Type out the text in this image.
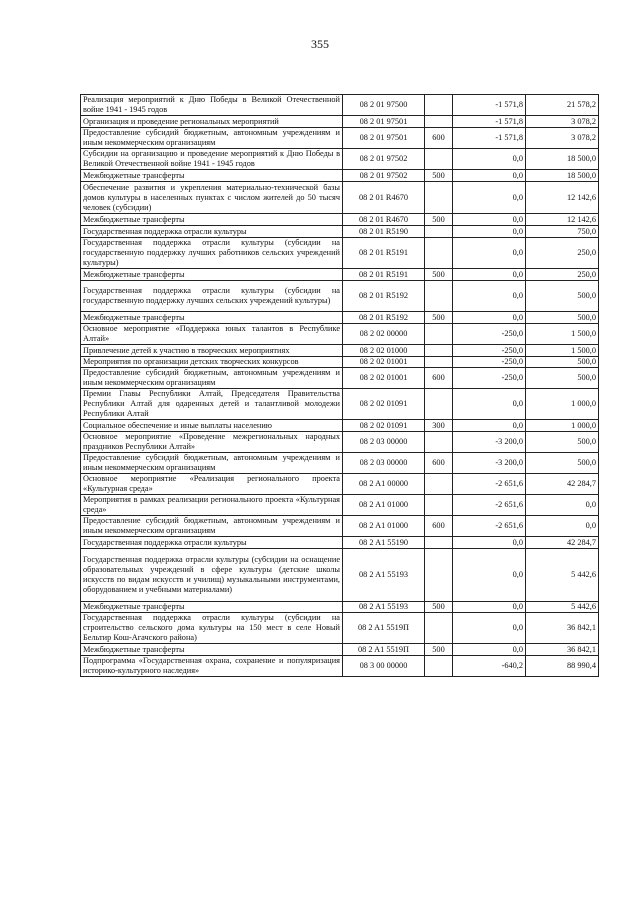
355
Реализация мероприятий к Дню Победы в Великой Отечественной войне 1941 - 1945 годов	08 2 01 97500		-1 571,8	21 578,2
Организация и проведение региональных мероприятий	08 2 01 97501		-1 571,8	3 078,2
Предоставление субсидий бюджетным, автономным учреждениям и иным некоммерческим организациям	08 2 01 97501	600	-1 571,8	3 078,2
Субсидии на организацию и проведение мероприятий к Дню Победы в Великой Отечественной войне 1941 - 1945 годов	08 2 01 97502		0,0	18 500,0
Межбюджетные трансферты	08 2 01 97502	500	0,0	18 500,0
Обеспечение развития и укрепления материально-технической базы домов культуры в населенных пунктах с числом жителей до 50 тысяч человек (субсидии)	08 2 01 R4670		0,0	12 142,6
Межбюджетные трансферты	08 2 01 R4670	500	0,0	12 142,6
Государственная поддержка отрасли культуры	08 2 01 R5190		0,0	750,0
Государственная поддержка отрасли культуры (субсидии на государственную поддержку лучших работников сельских учреждений культуры)	08 2 01 R5191		0,0	250,0
Межбюджетные трансферты	08 2 01 R5191	500	0,0	250,0
Государственная поддержка отрасли культуры (субсидии на государственную поддержку лучших сельских учреждений культуры)	08 2 01 R5192		0,0	500,0
Межбюджетные трансферты	08 2 01 R5192	500	0,0	500,0
Основное мероприятие «Поддержка юных талантов в Республике Алтай»	08 2 02 00000		-250,0	1 500,0
Привлечение детей к участию в творческих мероприятиях	08 2 02 01000		-250,0	1 500,0
Мероприятия по организации детских творческих конкурсов	08 2 02 01001		-250,0	500,0
Предоставление субсидий бюджетным, автономным учреждениям и иным некоммерческим организациям	08 2 02 01001	600	-250,0	500,0
Премии Главы Республики Алтай, Председателя Правительства Республики Алтай для одаренных детей и талантливой молодежи Республики Алтай	08 2 02 01091		0,0	1 000,0
Социальное обеспечение и иные выплаты населению	08 2 02 01091	300	0,0	1 000,0
Основное мероприятие «Проведение межрегиональных народных праздников Республики Алтай»	08 2 03 00000		-3 200,0	500,0
Предоставление субсидий бюджетным, автономным учреждениям и иным некоммерческим организациям	08 2 03 00000	600	-3 200,0	500,0
Основное мероприятие «Реализация регионального проекта «Культурная среда»	08 2 A1 00000		-2 651,6	42 284,7
Мероприятия в рамках реализации регионального проекта «Культурная среда»	08 2 A1 01000		-2 651,6	0,0
Предоставление субсидий бюджетным, автономным учреждениям и иным некоммерческим организациям	08 2 A1 01000	600	-2 651,6	0,0
Государственная поддержка отрасли культуры	08 2 A1 55190		0,0	42 284,7
Государственная поддержка отрасли культуры (субсидии на оснащение образовательных учреждений в сфере культуры (детские школы искусств по видам искусств и училищ) музыкальными инструментами, оборудованием и учебными материалами)	08 2 A1 55193		0,0	5 442,6
Межбюджетные трансферты	08 2 A1 55193	500	0,0	5 442,6
Государственная поддержка отрасли культуры (субсидии на строительство сельского дома культуры на 150 мест в селе Новый Бельтир Кош-Агачского района)	08 2 A1 5519П		0,0	36 842,1
Межбюджетные трансферты	08 2 A1 5519П	500	0,0	36 842,1
Подпрограмма «Государственная охрана, сохранение и популяризация историко-культурного наследия»	08 3 00 00000		-640,2	88 990,4
